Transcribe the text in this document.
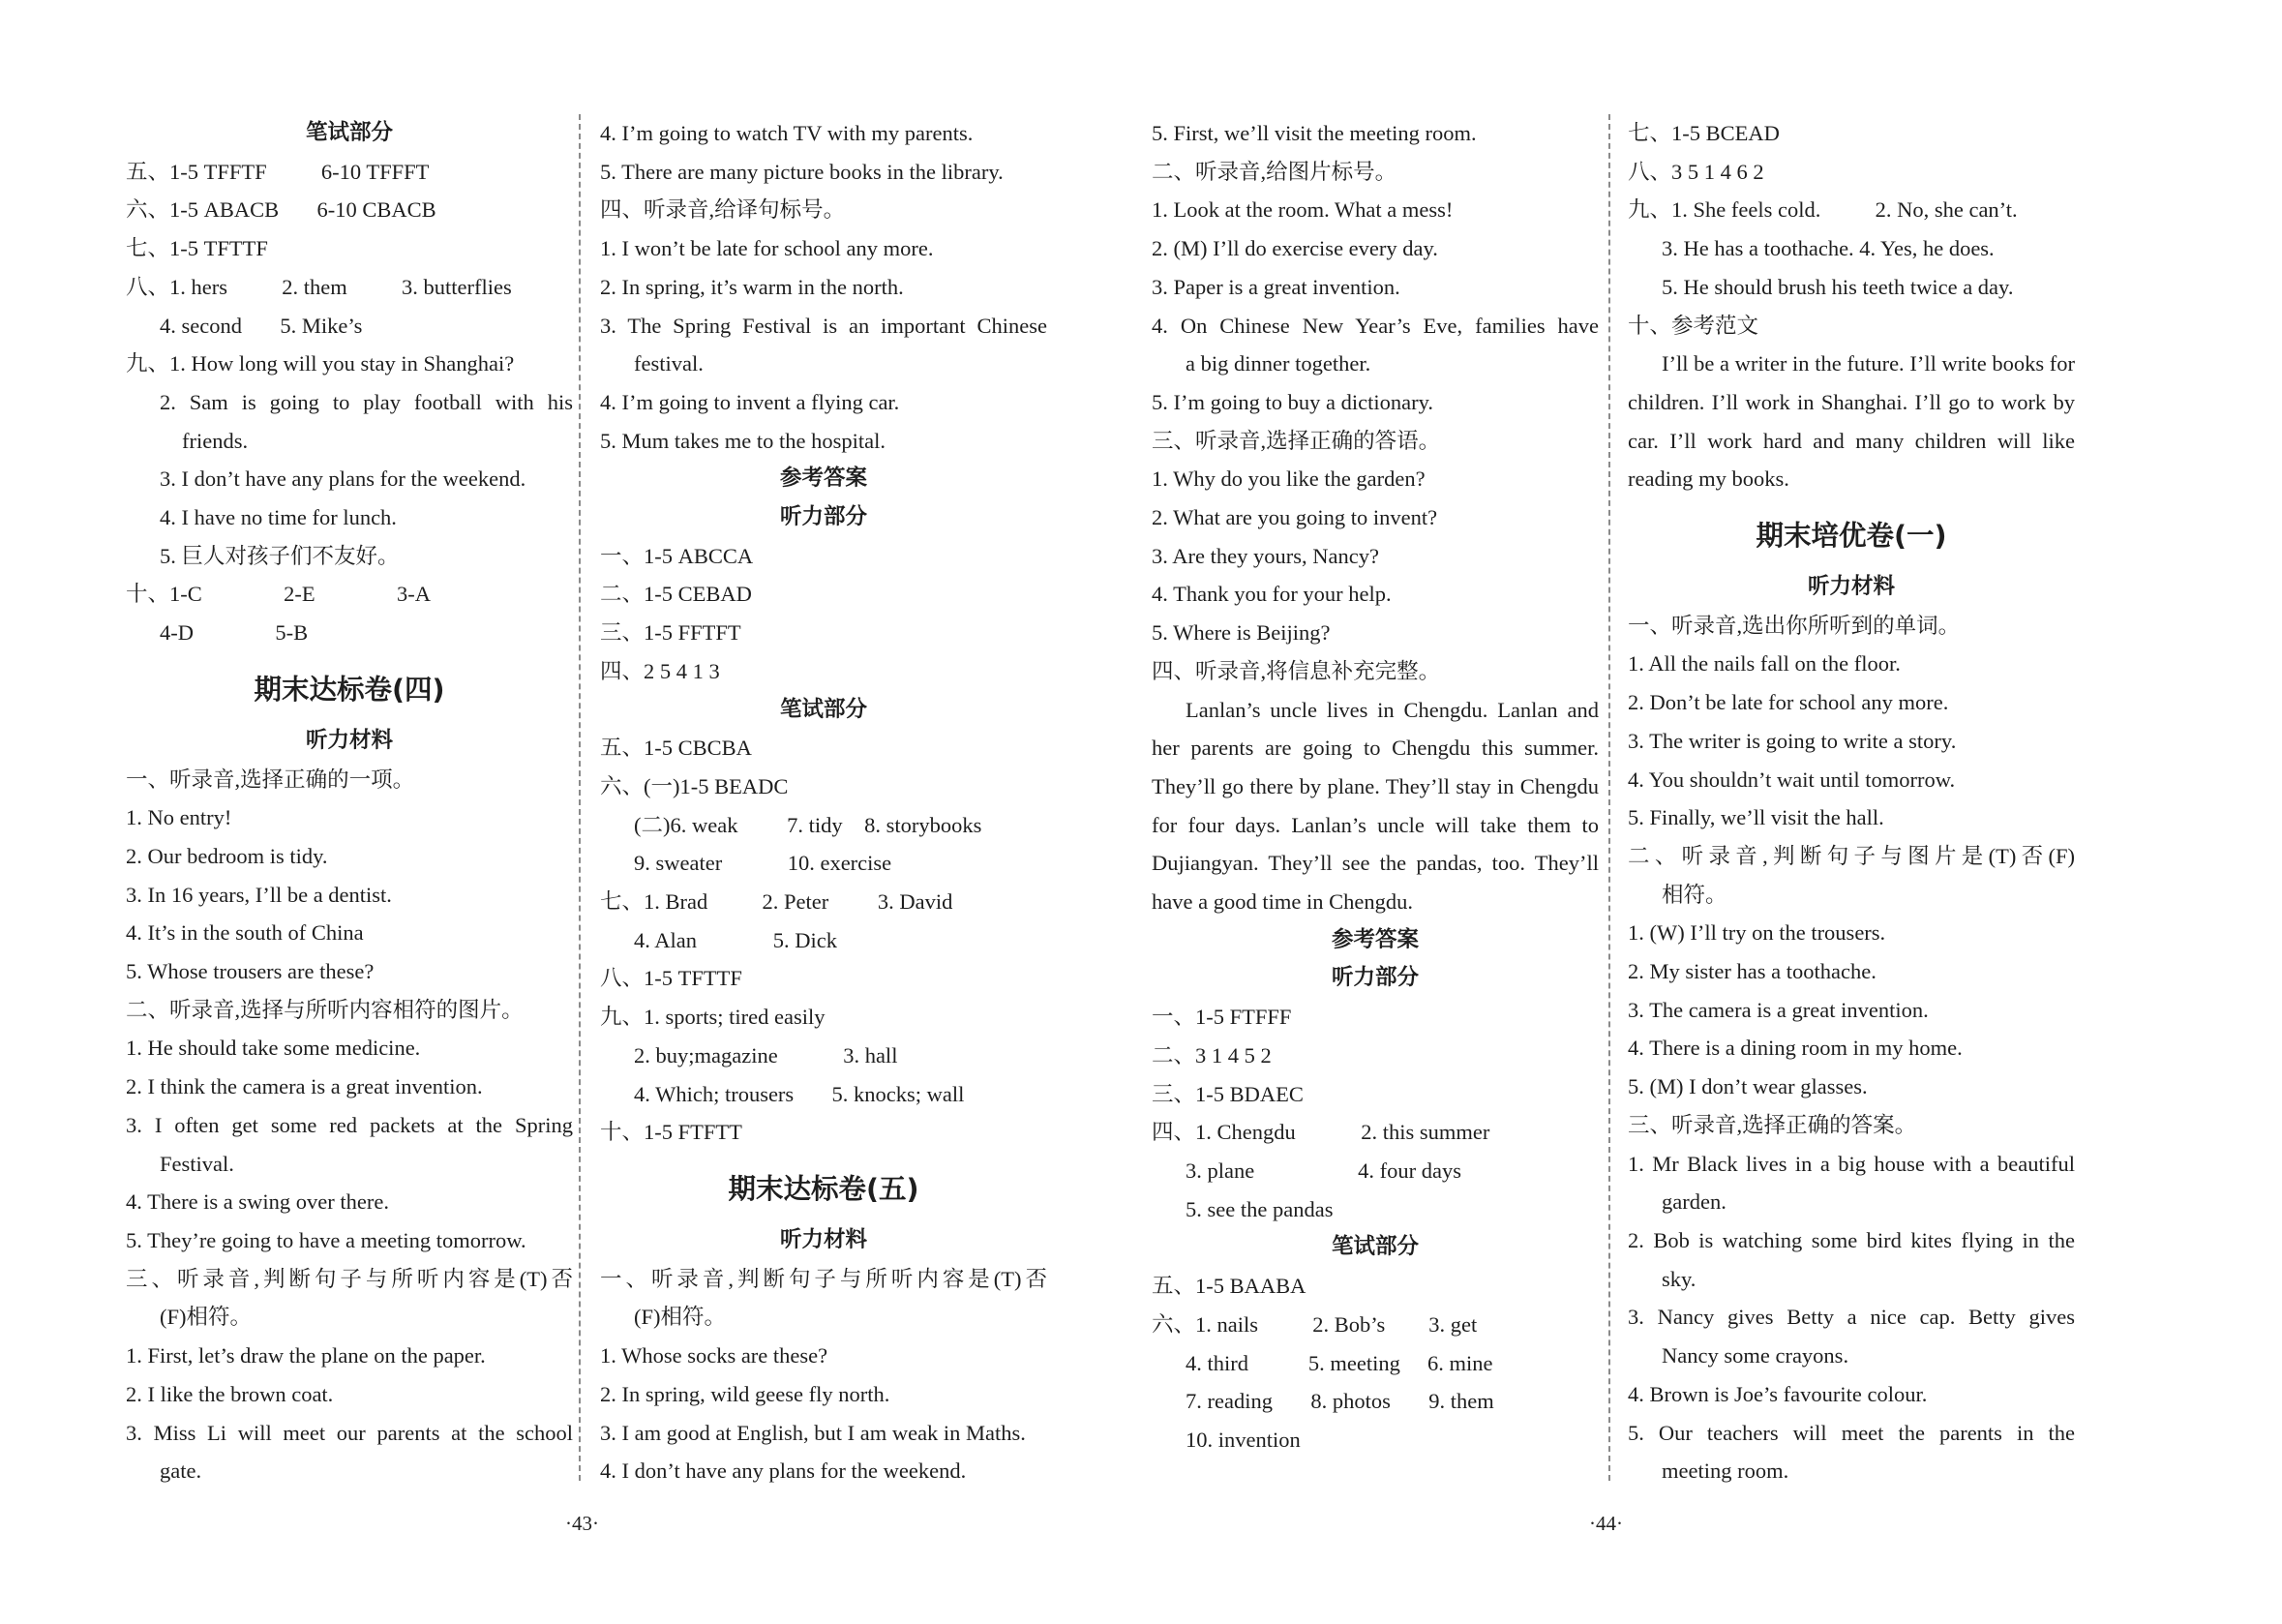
笔试部分
五、1-5 TFFTF          6-10 TFFFT
六、1-5 ABACB       6-10 CBACB
七、1-5 TFTTF
八、1. hers          2. them          3. butterflies
4. second       5. Mike’s
九、1. How long will you stay in Shanghai?
2. Sam is going to play football with his
friends.
3. I don’t have any plans for the weekend.
4. I have no time for lunch.
5. 巨人对孩子们不友好。
十、1-C               2-E               3-A
4-D               5-B
期末达标卷(四)
听力材料
一、听录音,选择正确的一项。
1. No entry!
2. Our bedroom is tidy.
3. In 16 years, I’ll be a dentist.
4. It’s in the south of China
5. Whose trousers are these?
二、听录音,选择与所听内容相符的图片。
1. He should take some medicine.
2. I think the camera is a great invention.
3. I often get some red packets at the Spring
Festival.
4. There is a swing over there.
5. They’re going to have a meeting tomorrow.
三、听录音,判断句子与所听内容是(T)否
(F)相符。
1. First, let’s draw the plane on the paper.
2. I like the brown coat.
3. Miss Li will meet our parents at the school
gate.
4. I’m going to watch TV with my parents.
5. There are many picture books in the library.
四、听录音,给译句标号。
1. I won’t be late for school any more.
2. In spring, it’s warm in the north.
3. The Spring Festival is an important Chinese
festival.
4. I’m going to invent a flying car.
5. Mum takes me to the hospital.
参考答案
听力部分
一、1-5 ABCCA
二、1-5 CEBAD
三、1-5 FFTFT
四、2 5 4 1 3
笔试部分
五、1-5 CBCBA
六、(一)1-5 BEADC
(二)6. weak         7. tidy    8. storybooks
9. sweater            10. exercise
七、1. Brad          2. Peter         3. David
4. Alan              5. Dick
八、1-5 TFTTF
九、1. sports; tired easily
2. buy;magazine            3. hall
4. Which; trousers       5. knocks; wall
十、1-5 FTFTT
期末达标卷(五)
听力材料
一、听录音,判断句子与所听内容是(T)否
(F)相符。
1. Whose socks are these?
2. In spring, wild geese fly north.
3. I am good at English, but I am weak in Maths.
4. I don’t have any plans for the weekend.
5. First, we’ll visit the meeting room.
二、听录音,给图片标号。
1. Look at the room. What a mess!
2. (M) I’ll do exercise every day.
3. Paper is a great invention.
4. On Chinese New Year’s Eve, families have
a big dinner together.
5. I’m going to buy a dictionary.
三、听录音,选择正确的答语。
1. Why do you like the garden?
2. What are you going to invent?
3. Are they yours, Nancy?
4. Thank you for your help.
5. Where is Beijing?
四、听录音,将信息补充完整。
Lanlan’s uncle lives in Chengdu. Lanlan and her parents are going to Chengdu this summer. They’ll go there by plane. They’ll stay in Chengdu for four days. Lanlan’s uncle will take them to Dujiangyan. They’ll see the pandas, too. They’ll have a good time in Chengdu.
参考答案
听力部分
一、1-5 FTFFF
二、3 1 4 5 2
三、1-5 BDAEC
四、1. Chengdu            2. this summer
3. plane                   4. four days
5. see the pandas
笔试部分
五、1-5 BAABA
六、1. nails          2. Bob’s        3. get
4. third           5. meeting     6. mine
7. reading       8. photos       9. them
10. invention
七、1-5 BCEAD
八、3 5 1 4 6 2
九、1. She feels cold.          2. No, she can’t.
3. He has a toothache. 4. Yes, he does.
5. He should brush his teeth twice a day.
十、参考范文
I’ll be a writer in the future. I’ll write books for children. I’ll work in Shanghai. I’ll go to work by car. I’ll work hard and many children will like reading my books.
期末培优卷(一)
听力材料
一、听录音,选出你所听到的单词。
1. All the nails fall on the floor.
2. Don’t be late for school any more.
3. The writer is going to write a story.
4. You shouldn’t wait until tomorrow.
5. Finally, we’ll visit the hall.
二、听录音,判断句子与图片是(T)否(F)
相符。
1. (W) I’ll try on the trousers.
2. My sister has a toothache.
3. The camera is a great invention.
4. There is a dining room in my home.
5. (M) I don’t wear glasses.
三、听录音,选择正确的答案。
1. Mr Black lives in a big house with a beautiful
garden.
2. Bob is watching some bird kites flying in the
sky.
3. Nancy gives Betty a nice cap. Betty gives
Nancy some crayons.
4. Brown is Joe’s favourite colour.
5. Our teachers will meet the parents in the
meeting room.
·43·	·44·
